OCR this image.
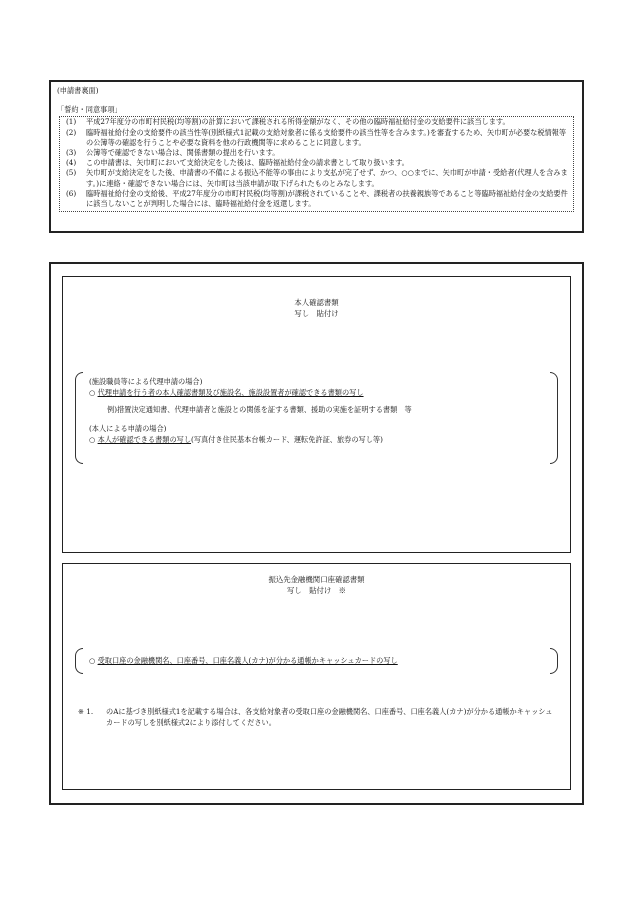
(申請書裏面)
「誓約・同意事項」
(1)	平成27年度分の市町村民税(均等割)の計算において課税される所得金額がなく、その他の臨時福祉給付金の支給要件に該当します。
(2)	臨時福祉給付金の支給要件の該当性等(別紙様式1記載の支給対象者に係る支給要件の該当性等を含みます。)を審査するため、矢巾町が必要な税情報等の公簿等の確認を行うことや必要な資料を他の行政機関等に求めることに同意します。
(3)	公簿等で確認できない場合は、関係書類の提出を行います。
(4)	この申請書は、矢巾町において支給決定をした後は、臨時福祉給付金の請求書として取り扱います。
(5)	矢巾町が支給決定をした後、申請書の不備による振込不能等の事由により支払が完了せず、かつ、○○までに、矢巾町が申請・受給者(代理人を含みます。)に連絡・確認できない場合には、矢巾町は当該申請が取下げられたものとみなします。
(6)	臨時福祉給付金の支給後、平成27年度分の市町村民税(均等割)が課税されていることや、課税者の扶養親族等であること等臨時福祉給付金の支給要件に該当しないことが判明した場合には、臨時福祉給付金を返還します。
本人確認書類
写し　貼付け
(施設職員等による代理申請の場合)
○ 代理申請を行う者の本人確認書類及び施設名、施設設置者が確認できる書類の写し
例)措置決定通知書、代理申請者と施設との関係を証する書類、援助の実施を証明する書類　等
(本人による申請の場合)
○ 本人が確認できる書類の写し(写真付き住民基本台帳カード、運転免許証、旅券の写し等)
振込先金融機関口座確認書類
写し　貼付け　※
○ 受取口座の金融機関名、口座番号、口座名義人(カナ)が分かる通帳かキャッシュカードの写し
※ 1.	のAに基づき別紙様式1を記載する場合は、各支給対象者の受取口座の金融機関名、口座番号、口座名義人(カナ)が分かる通帳かキャッシュカードの写しを別紙様式2により添付してください。
